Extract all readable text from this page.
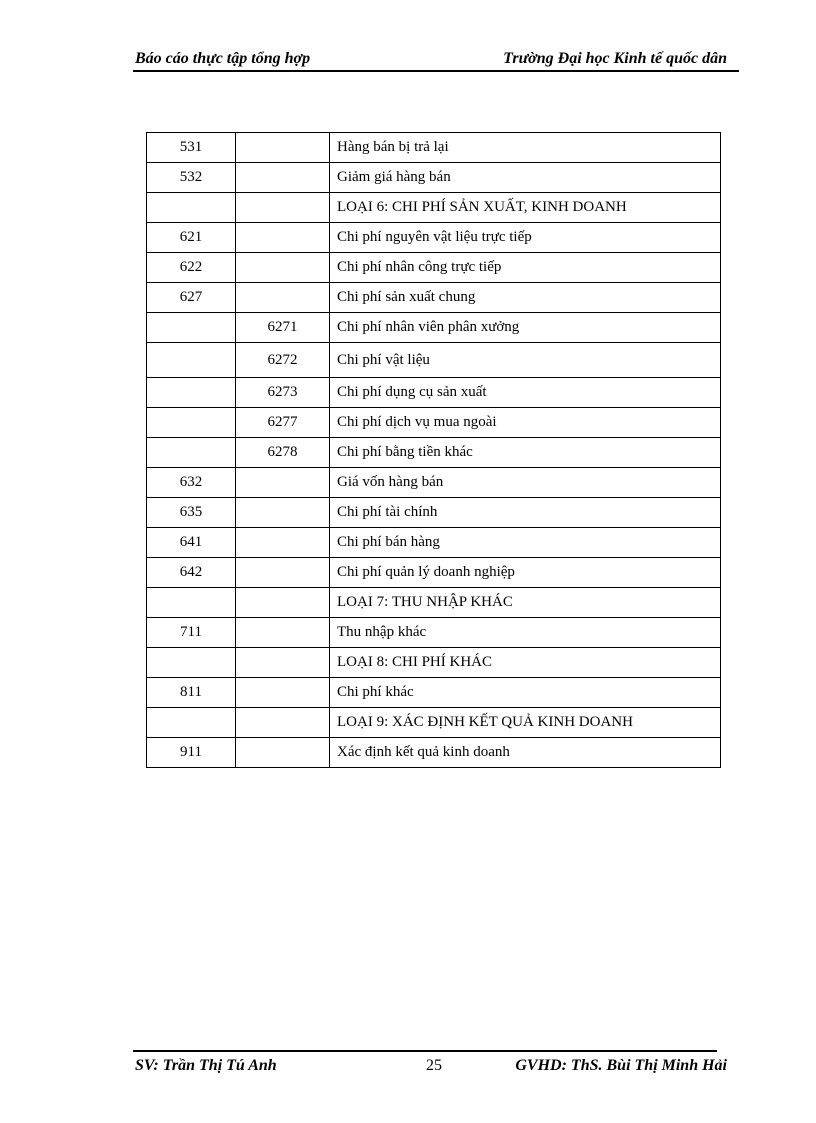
Báo cáo thực tập tổng hợp	Trường Đại học Kinh tế quốc dân
531		Hàng bán bị trả lại
532		Giảm giá hàng bán
		LOẠI 6: CHI PHÍ SẢN XUẤT, KINH DOANH
621		Chi phí nguyên vật liệu trực tiếp
622		Chi phí nhân công trực tiếp
627		Chi phí sản xuất chung
	6271	Chi phí nhân viên phân xưởng
	6272	Chi phí vật liệu
	6273	Chi phí dụng cụ sản xuất
	6277	Chi phí dịch vụ mua ngoài
	6278	Chi phí bằng tiền khác
632		Giá vốn hàng bán
635		Chi phí tài chính
641		Chi phí bán hàng
642		Chi phí quản lý doanh nghiệp
		LOẠI 7: THU NHẬP KHÁC
711		Thu nhập khác
		LOẠI 8: CHI PHÍ KHÁC
811		Chi phí khác
		LOẠI 9: XÁC ĐỊNH KẾT QUẢ KINH DOANH
911		Xác định kết quả kinh doanh
SV: Trần Thị Tú Anh	25	GVHD: ThS. Bùi Thị Minh Hải
